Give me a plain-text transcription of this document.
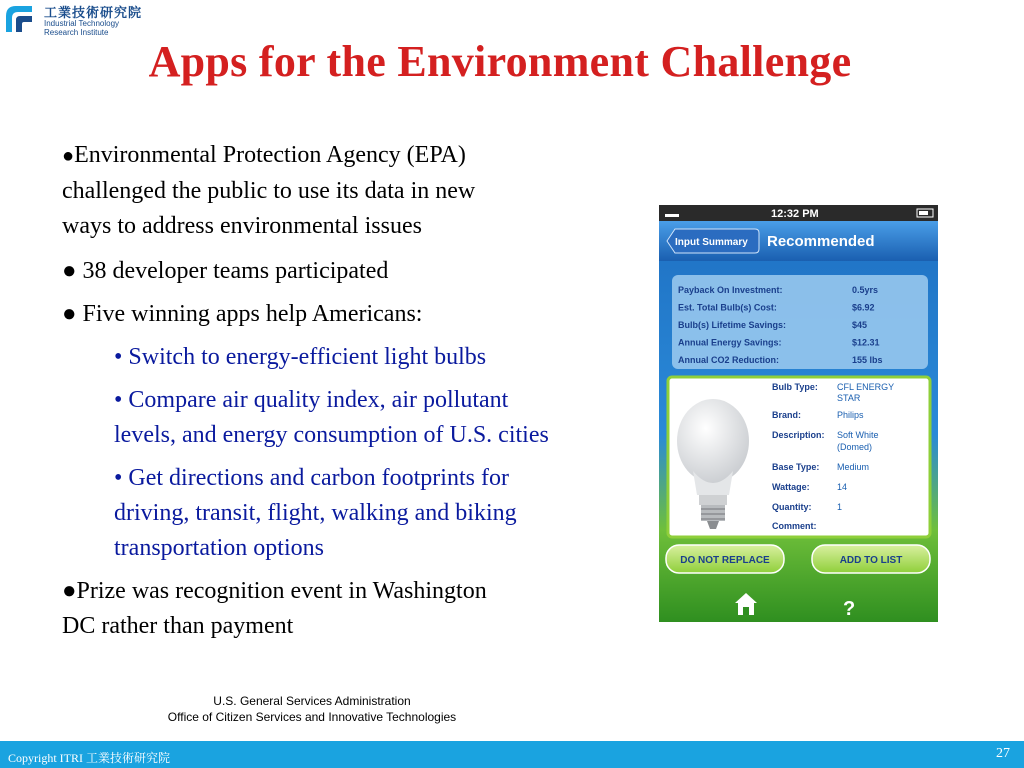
工業技術研究院
Industrial Technology
Research Institute
Apps for the Environment Challenge
●Environmental Protection Agency (EPA)
challenged the public to use its data in new
ways to address environmental issues
● 38 developer teams participated
● Five winning apps help Americans:
• Switch to energy-efficient light bulbs
• Compare air quality index, air pollutant
levels, and energy consumption of U.S. cities
• Get directions and carbon footprints for
driving, transit, flight, walking and biking
transportation options
●Prize was recognition event in Washington
DC rather than payment
12:32 PM
Input Summary Recommended
Payback On Investment:	0.5yrs
Est. Total Bulb(s) Cost:	$6.92
Bulb(s) Lifetime Savings:	$45
Annual Energy Savings:	$12.31
Annual CO2 Reduction:	155 lbs
Bulb Type: CFL ENERGY
STAR
Brand:	Philips
Description: Soft White
(Domed)
Base Type: Medium
Wattage:	14
Quantity:	1
Comment:
DO NOT REPLACE	ADD TO LIST
?
U.S. General Services Administration
Office of Citizen Services and Innovative Technologies
Copyright ITRI 工業技術研究院	27
